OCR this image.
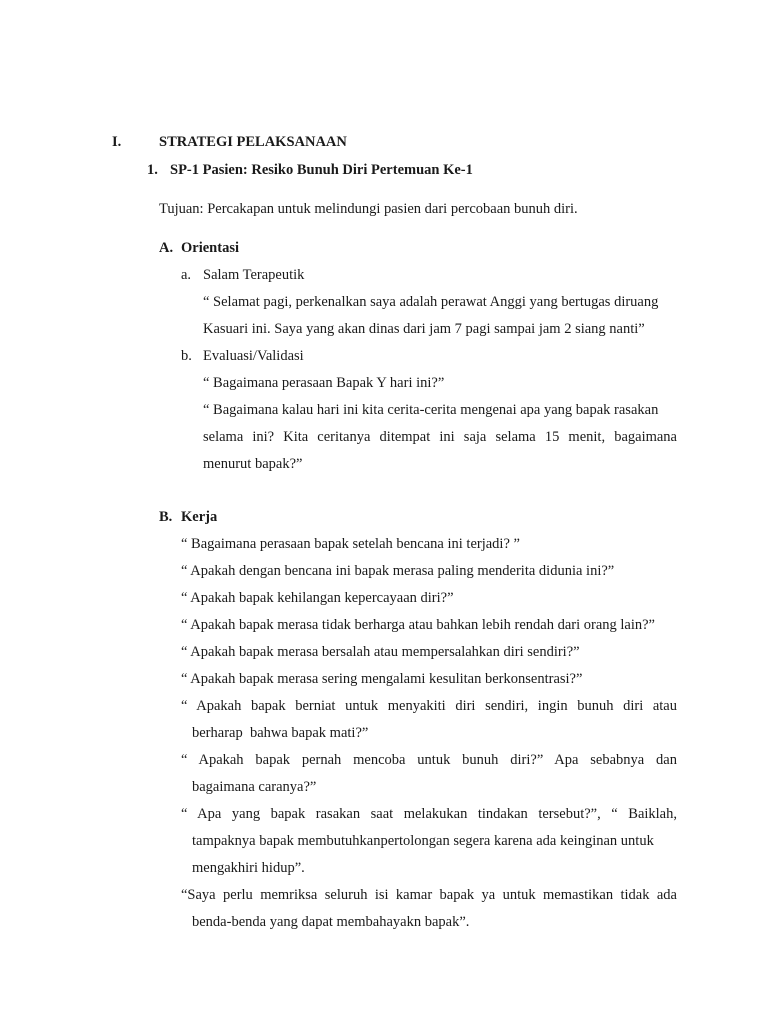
I.	STRATEGI PELAKSANAAN
1. SP-1 Pasien: Resiko Bunuh Diri Pertemuan Ke-1
Tujuan: Percakapan untuk melindungi pasien dari percobaan bunuh diri.
A. Orientasi
a. Salam Terapeutik
“ Selamat pagi, perkenalkan saya adalah perawat Anggi yang bertugas diruang
Kasuari ini. Saya yang akan dinas dari jam 7 pagi sampai jam 2 siang nanti”
b. Evaluasi/Validasi
“ Bagaimana perasaan Bapak Y hari ini?”
“ Bagaimana kalau hari ini kita cerita-cerita mengenai apa yang bapak rasakan
selama ini? Kita ceritanya ditempat ini saja selama 15 menit, bagaimana
menurut bapak?”
B. Kerja
“ Bagaimana perasaan bapak setelah bencana ini terjadi? ”
“ Apakah dengan bencana ini bapak merasa paling menderita didunia ini?”
“ Apakah bapak kehilangan kepercayaan diri?”
“ Apakah bapak merasa tidak berharga atau bahkan lebih rendah dari orang lain?”
“ Apakah bapak merasa bersalah atau mempersalahkan diri sendiri?”
“ Apakah bapak merasa sering mengalami kesulitan berkonsentrasi?”
“ Apakah bapak berniat untuk menyakiti diri sendiri, ingin bunuh diri atau
berharap  bahwa bapak mati?”
“ Apakah bapak pernah mencoba untuk bunuh diri?” Apa sebabnya dan
bagaimana caranya?”
“ Apa yang bapak rasakan saat melakukan tindakan tersebut?”, “ Baiklah,
tampaknya bapak membutuhkanpertolongan segera karena ada keinginan untuk
mengakhiri hidup”.
“Saya perlu memriksa seluruh isi kamar bapak ya untuk memastikan tidak ada
benda-benda yang dapat membahayakn bapak”.
